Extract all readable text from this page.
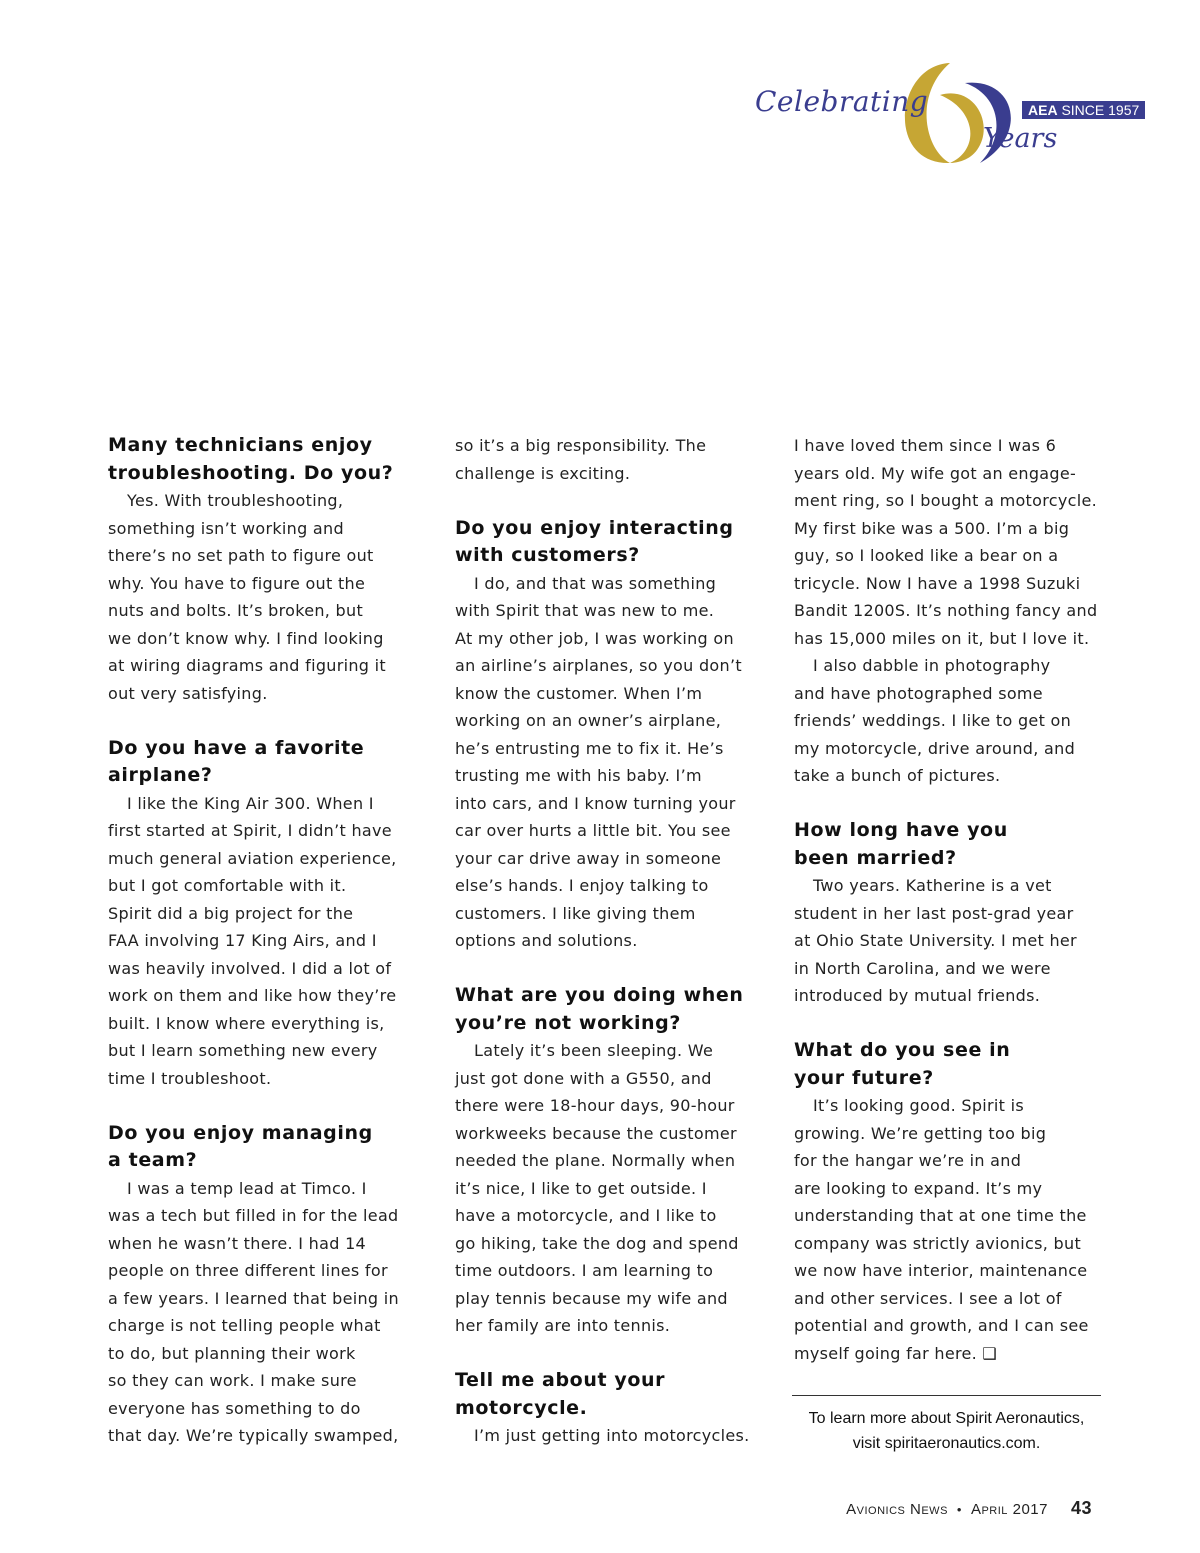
Celebrating
Years
AEA SINCE 1957
Many technicians enjoy
troubleshooting. Do you?

Yes. With troubleshooting,
something isn’t working and
there’s no set path to figure out
why. You have to figure out the
nuts and bolts. It’s broken, but
we don’t know why. I find looking
at wiring diagrams and figuring it
out very satisfying.

Do you have a favorite
airplane?

I like the King Air 300. When I
first started at Spirit, I didn’t have
much general aviation experience,
but I got comfortable with it.
Spirit did a big project for the
FAA involving 17 King Airs, and I
was heavily involved. I did a lot of
work on them and like how they’re
built. I know where everything is,
but I learn something new every
time I troubleshoot.

Do you enjoy managing
a team?

I was a temp lead at Timco. I
was a tech but filled in for the lead
when he wasn’t there. I had 14
people on three different lines for
a few years. I learned that being in
charge is not telling people what
to do, but planning their work
so they can work. I make sure
everyone has something to do
that day. We’re typically swamped,

so it’s a big responsibility. The
challenge is exciting.

Do you enjoy interacting
with customers?

I do, and that was something
with Spirit that was new to me.
At my other job, I was working on
an airline’s airplanes, so you don’t
know the customer. When I’m
working on an owner’s airplane,
he’s entrusting me to fix it. He’s
trusting me with his baby. I’m
into cars, and I know turning your
car over hurts a little bit. You see
your car drive away in someone
else’s hands. I enjoy talking to
customers. I like giving them
options and solutions.

What are you doing when
you’re not working?

Lately it’s been sleeping. We
just got done with a G550, and
there were 18-hour days, 90-hour
workweeks because the customer
needed the plane. Normally when
it’s nice, I like to get outside. I
have a motorcycle, and I like to
go hiking, take the dog and spend
time outdoors. I am learning to
play tennis because my wife and
her family are into tennis.

Tell me about your
motorcycle.

I’m just getting into motorcycles.

I have loved them since I was 6
years old. My wife got an engage-
ment ring, so I bought a motorcycle.
My first bike was a 500. I’m a big
guy, so I looked like a bear on a
tricycle. Now I have a 1998 Suzuki
Bandit 1200S. It’s nothing fancy and
has 15,000 miles on it, but I love it.

I also dabble in photography
and have photographed some
friends’ weddings. I like to get on
my motorcycle, drive around, and
take a bunch of pictures.

How long have you
been married?

Two years. Katherine is a vet
student in her last post-grad year
at Ohio State University. I met her
in North Carolina, and we were
introduced by mutual friends.

What do you see in
your future?

It’s looking good. Spirit is
growing. We’re getting too big
for the hangar we’re in and
are looking to expand. It’s my
understanding that at one time the
company was strictly avionics, but
we now have interior, maintenance
and other services. I see a lot of
potential and growth, and I can see
myself going far here. ❑

To learn more about Spirit Aeronautics,
visit spiritaeronautics.com.
Avionics News • April 2017 43
